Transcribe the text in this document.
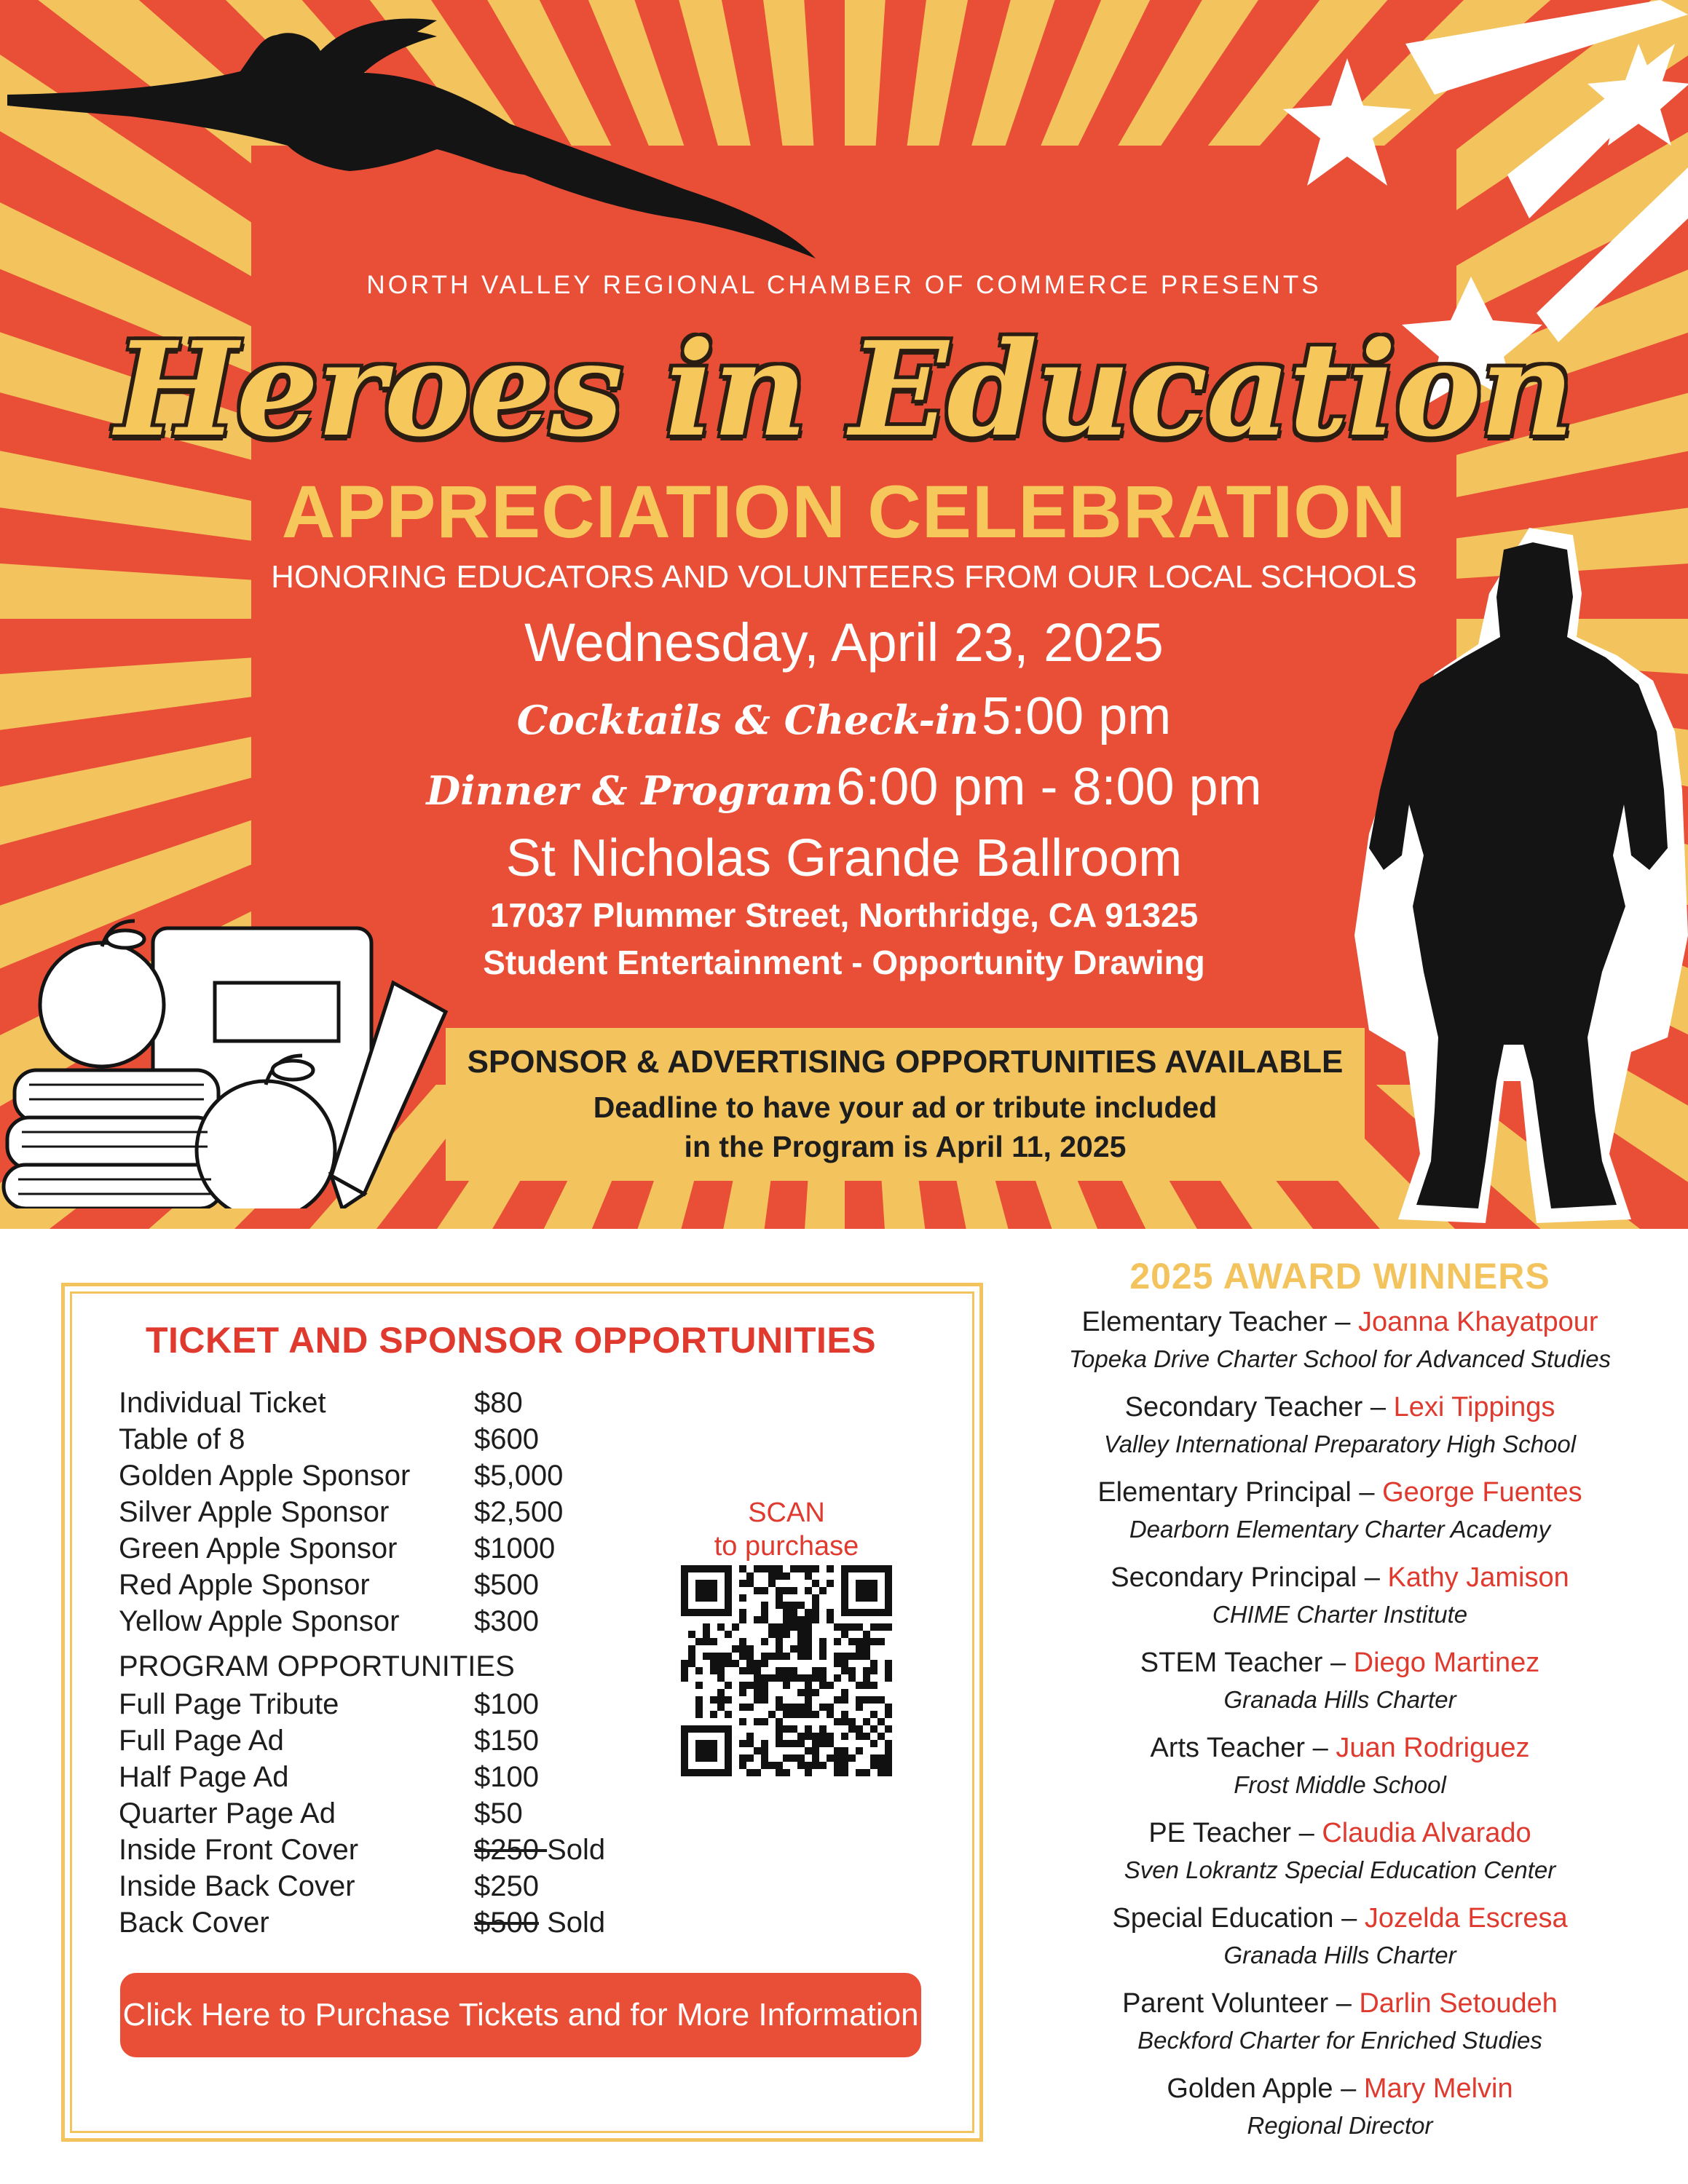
NORTH VALLEY REGIONAL CHAMBER OF COMMERCE PRESENTS
Heroes in Education
APPRECIATION CELEBRATION
HONORING EDUCATORS AND VOLUNTEERS FROM OUR LOCAL SCHOOLS
Wednesday, April 23, 2025
Cocktails & Check-in 5:00 pm
Dinner & Program 6:00 pm - 8:00 pm
St Nicholas Grande Ballroom
17037 Plummer Street, Northridge, CA 91325
Student Entertainment - Opportunity Drawing
SPONSOR & ADVERTISING OPPORTUNITIES AVAILABLE
Deadline to have your ad or tribute included
in the Program is April 11, 2025
TICKET AND SPONSOR OPPORTUNITIES
Individual Ticket	$80
Table of 8	$600
Golden Apple Sponsor $5,000
Silver Apple Sponsor	$2,500
Green Apple Sponsor	$1000
Red Apple Sponsor	$500
Yellow Apple Sponsor	$300
PROGRAM OPPORTUNITIES
Full Page Tribute	$100
Full Page Ad	$150
Half Page Ad	$100
Quarter Page Ad	$50
Inside Front Cover	$250 Sold
Inside Back Cover	$250
Back Cover	$500 Sold
SCAN
to purchase
Click Here to Purchase Tickets and for More Information
2025 AWARD WINNERS
Elementary Teacher – Joanna Khayatpour
Topeka Drive Charter School for Advanced Studies
Secondary Teacher – Lexi Tippings
Valley International Preparatory High School
Elementary Principal – George Fuentes
Dearborn Elementary Charter Academy
Secondary Principal – Kathy Jamison
CHIME Charter Institute
STEM Teacher – Diego Martinez
Granada Hills Charter
Arts Teacher – Juan Rodriguez
Frost Middle School
PE Teacher – Claudia Alvarado
Sven Lokrantz Special Education Center
Special Education – Jozelda Escresa
Granada Hills Charter
Parent Volunteer – Darlin Setoudeh
Beckford Charter for Enriched Studies
Golden Apple – Mary Melvin
Regional Director
